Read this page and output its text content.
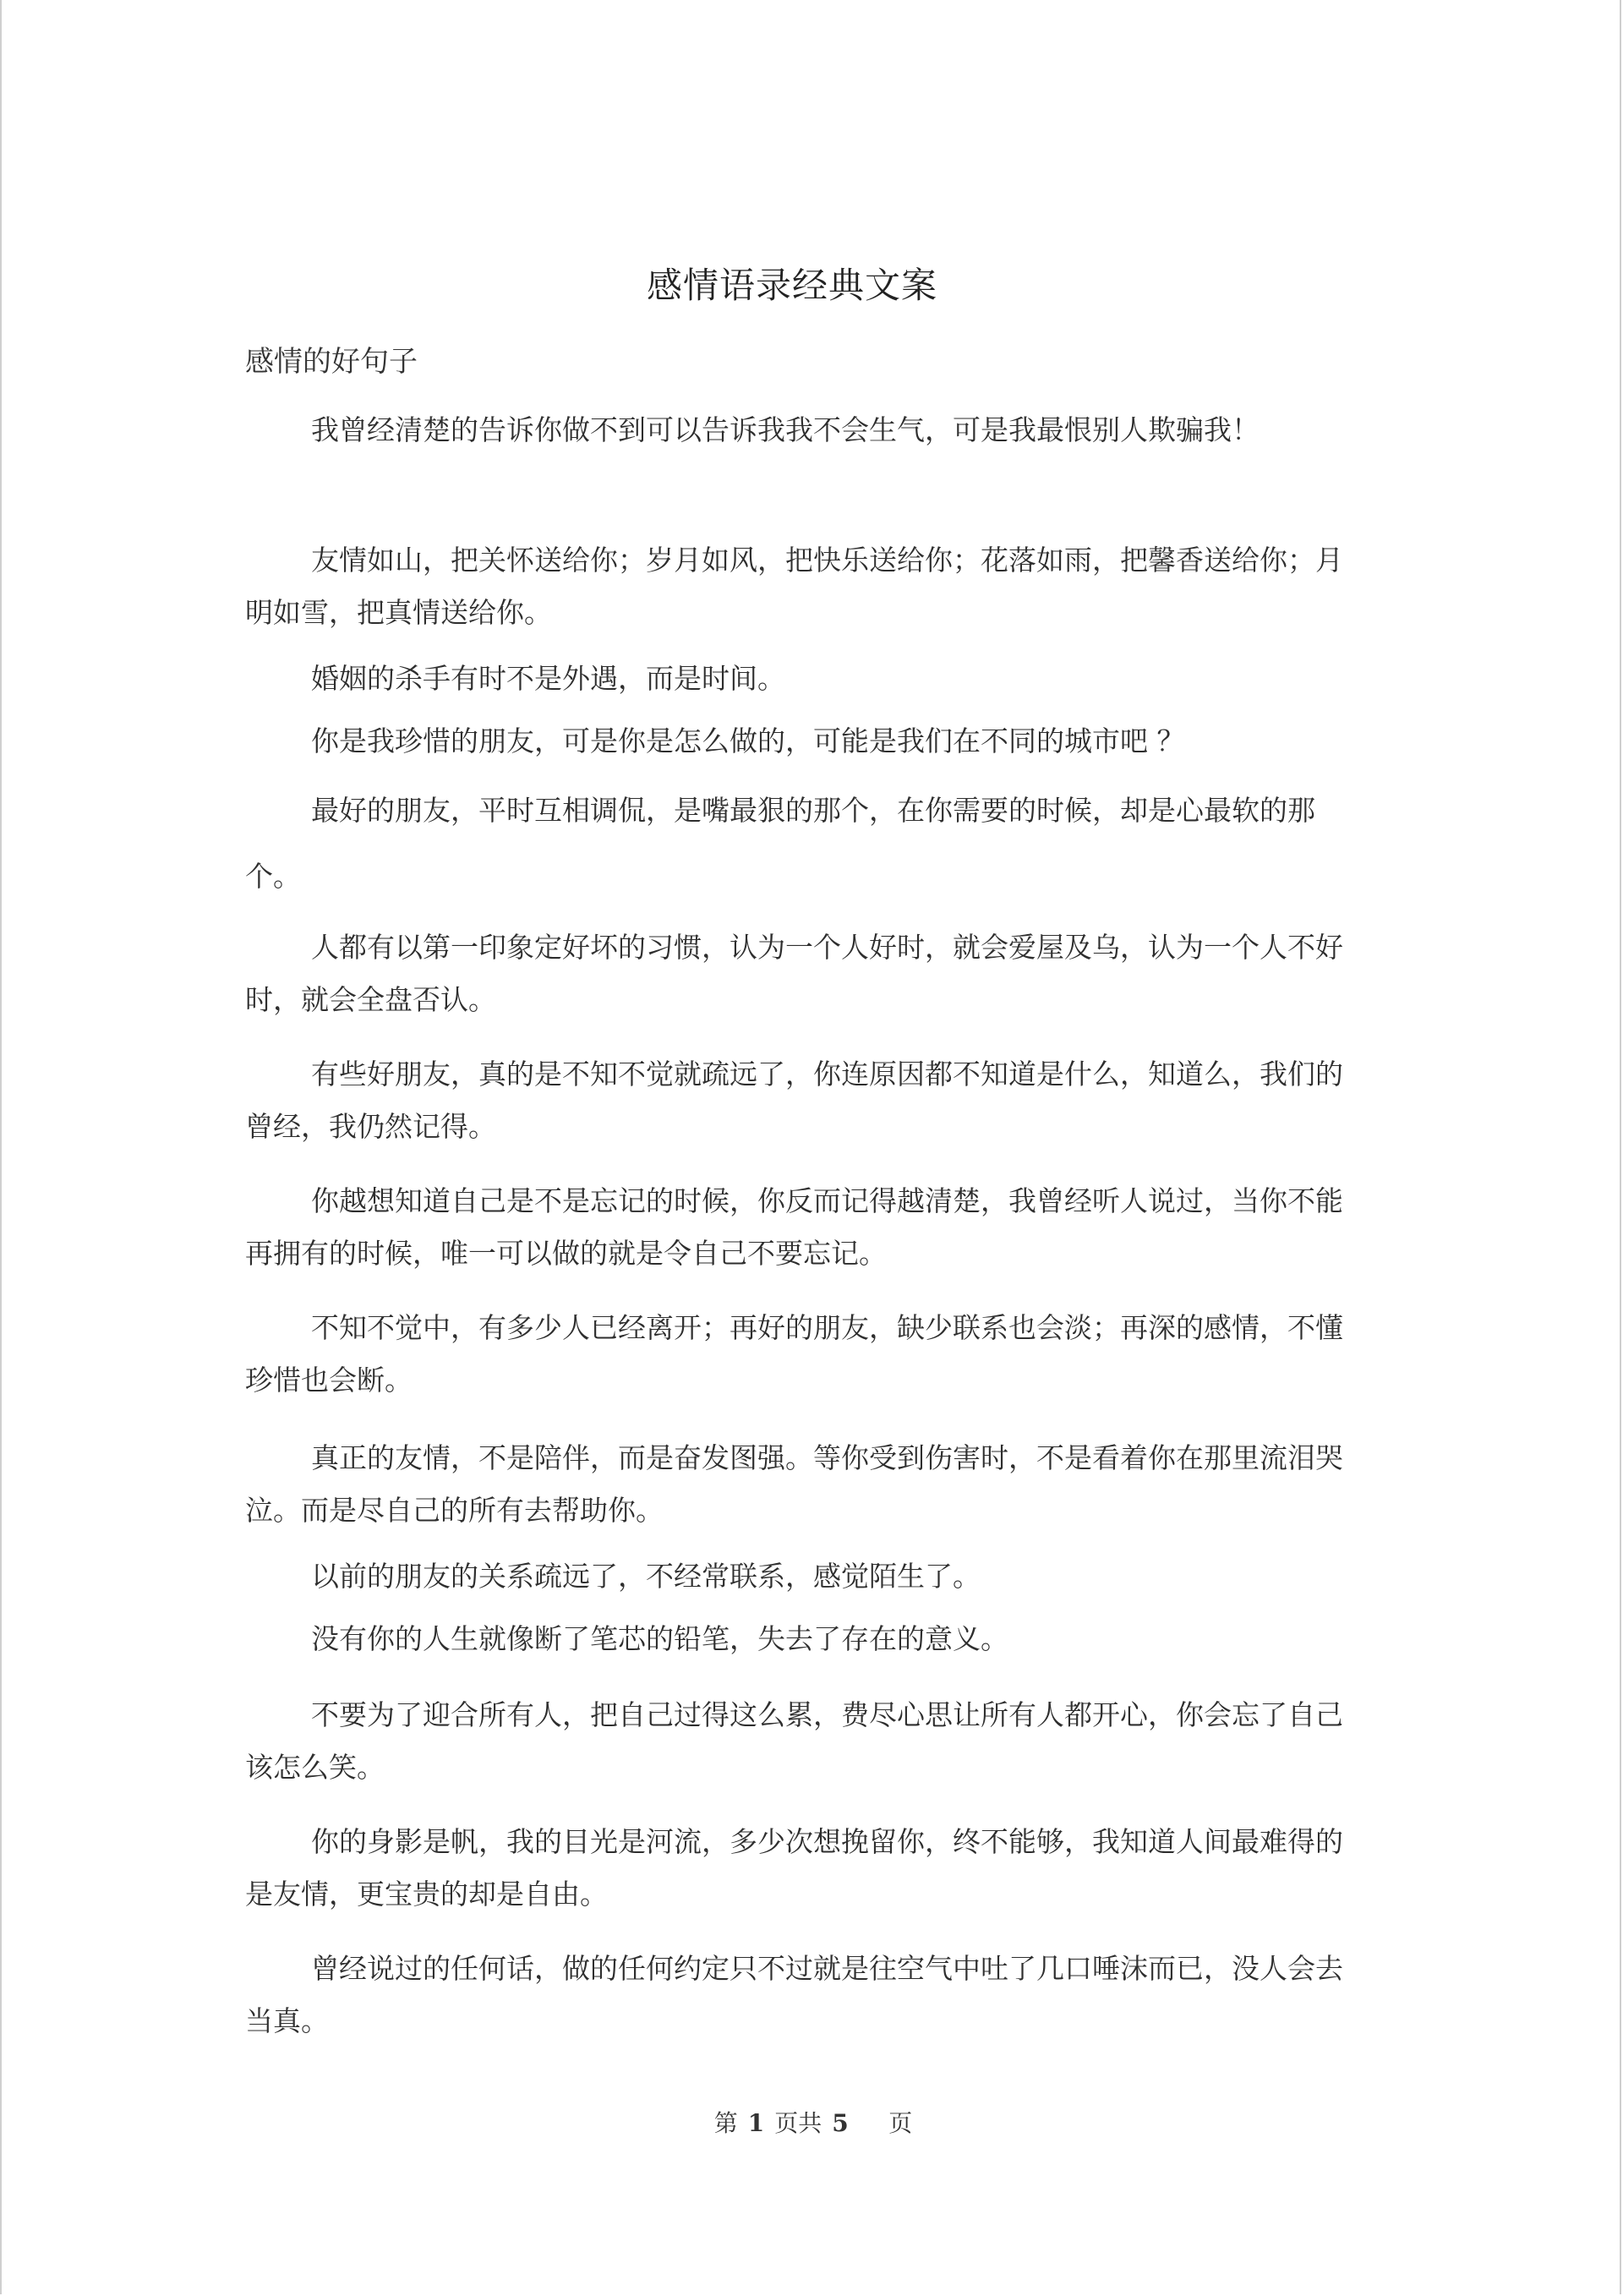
感情语录经典文案
感情的好句子
我曾经清楚的告诉你做不到可以告诉我我不会生气，可是我最恨别人欺骗我！
友情如山，把关怀送给你；岁月如风，把快乐送给你；花落如雨，把馨香送给你；月明如雪，把真情送给你。
婚姻的杀手有时不是外遇，而是时间。
你是我珍惜的朋友，可是你是怎么做的，可能是我们在不同的城市吧 ？
最好的朋友，平时互相调侃，是嘴最狠的那个，在你需要的时候，却是心最软的那个。
人都有以第一印象定好坏的习惯，认为一个人好时，就会爱屋及乌，认为一个人不好时，就会全盘否认。
有些好朋友，真的是不知不觉就疏远了，你连原因都不知道是什么，知道么，我们的曾经，我仍然记得。
你越想知道自己是不是忘记的时候，你反而记得越清楚，我曾经听人说过，当你不能再拥有的时候，唯一可以做的就是令自己不要忘记。
不知不觉中，有多少人已经离开；再好的朋友，缺少联系也会淡；再深的感情，不懂珍惜也会断。
真正的友情，不是陪伴，而是奋发图强。等你受到伤害时，不是看着你在那里流泪哭泣。而是尽自己的所有去帮助你。
以前的朋友的关系疏远了，不经常联系，感觉陌生了。
没有你的人生就像断了笔芯的铅笔，失去了存在的意义。
不要为了迎合所有人，把自己过得这么累，费尽心思让所有人都开心，你会忘了自己该怎么笑。
你的身影是帆，我的目光是河流，多少次想挽留你，终不能够，我知道人间最难得的是友情，更宝贵的却是自由。
曾经说过的任何话，做的任何约定只不过就是往空气中吐了几口唾沫而已，没人会去当真。
第 1 页共 5 页
